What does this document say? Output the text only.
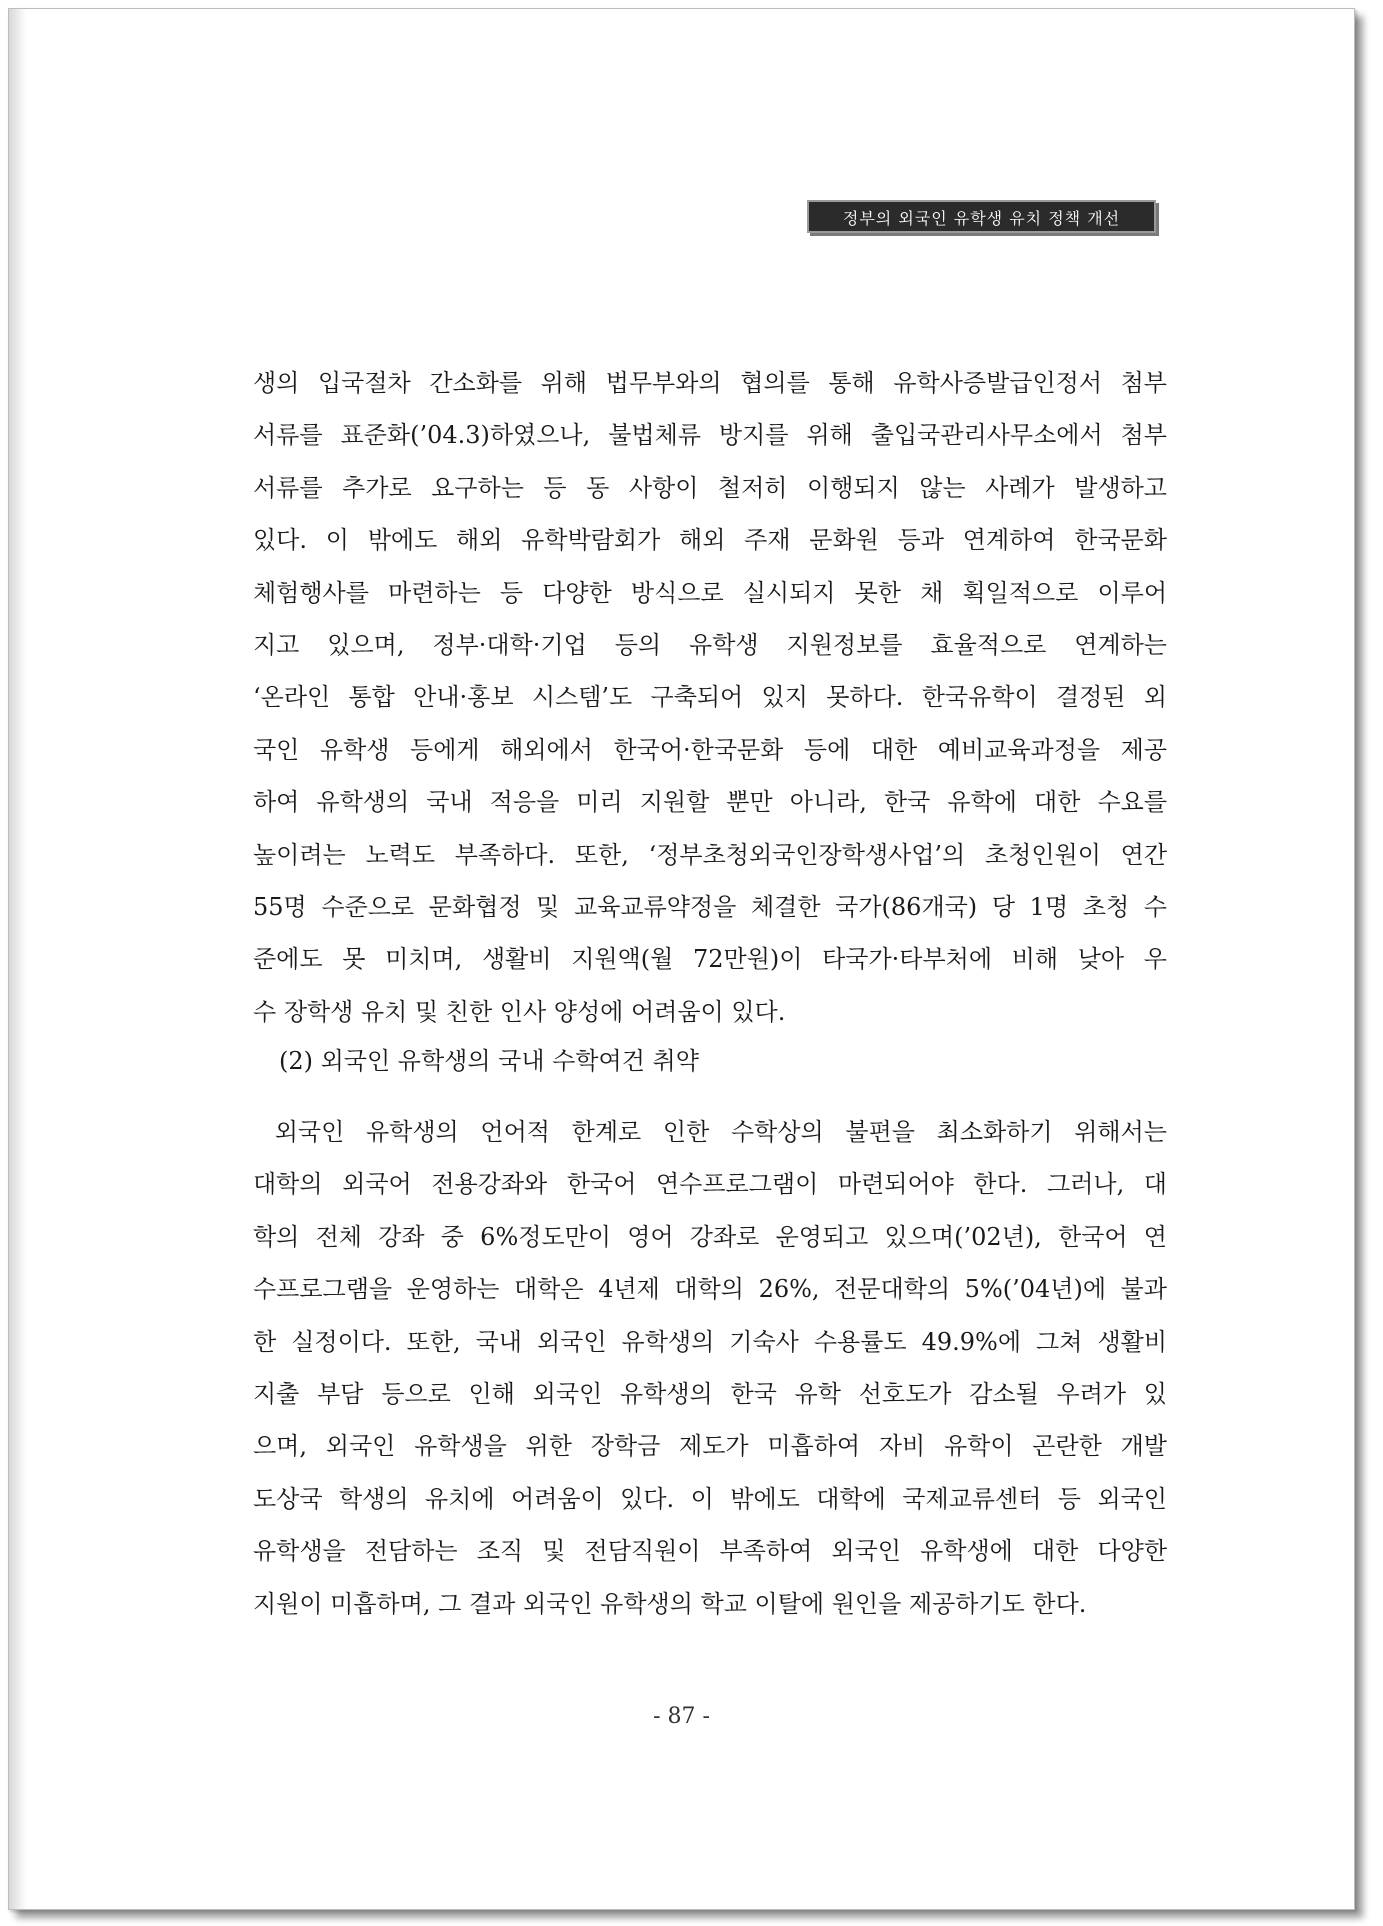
정부의 외국인 유학생 유치 정책 개선
생의 입국절차 간소화를 위해 법무부와의 협의를 통해 유학사증발급인정서 첨부
서류를 표준화(’04.3)하였으나, 불법체류 방지를 위해 출입국관리사무소에서 첨부
서류를 추가로 요구하는 등 동 사항이 철저히 이행되지 않는 사례가 발생하고
있다. 이 밖에도 해외 유학박람회가 해외 주재 문화원 등과 연계하여 한국문화
체험행사를 마련하는 등 다양한 방식으로 실시되지 못한 채 획일적으로 이루어
지고 있으며, 정부·대학·기업 등의 유학생 지원정보를 효율적으로 연계하는
‘온라인 통합 안내·홍보 시스템’도 구축되어 있지 못하다. 한국유학이 결정된 외
국인 유학생 등에게 해외에서 한국어·한국문화 등에 대한 예비교육과정을 제공
하여 유학생의 국내 적응을 미리 지원할 뿐만 아니라, 한국 유학에 대한 수요를
높이려는 노력도 부족하다. 또한, ‘정부초청외국인장학생사업’의 초청인원이 연간
55명 수준으로 문화협정 및 교육교류약정을 체결한 국가(86개국) 당 1명 초청 수
준에도 못 미치며, 생활비 지원액(월 72만원)이 타국가·타부처에 비해 낮아 우
수 장학생 유치 및 친한 인사 양성에 어려움이 있다.
(2) 외국인 유학생의 국내 수학여건 취약
외국인 유학생의 언어적 한계로 인한 수학상의 불편을 최소화하기 위해서는
대학의 외국어 전용강좌와 한국어 연수프로그램이 마련되어야 한다. 그러나, 대
학의 전체 강좌 중 6%정도만이 영어 강좌로 운영되고 있으며(’02년), 한국어 연
수프로그램을 운영하는 대학은 4년제 대학의 26%, 전문대학의 5%(’04년)에 불과
한 실정이다. 또한, 국내 외국인 유학생의 기숙사 수용률도 49.9%에 그쳐 생활비
지출 부담 등으로 인해 외국인 유학생의 한국 유학 선호도가 감소될 우려가 있
으며, 외국인 유학생을 위한 장학금 제도가 미흡하여 자비 유학이 곤란한 개발
도상국 학생의 유치에 어려움이 있다. 이 밖에도 대학에 국제교류센터 등 외국인
유학생을 전담하는 조직 및 전담직원이 부족하여 외국인 유학생에 대한 다양한
지원이 미흡하며, 그 결과 외국인 유학생의 학교 이탈에 원인을 제공하기도 한다.
- 87 -
